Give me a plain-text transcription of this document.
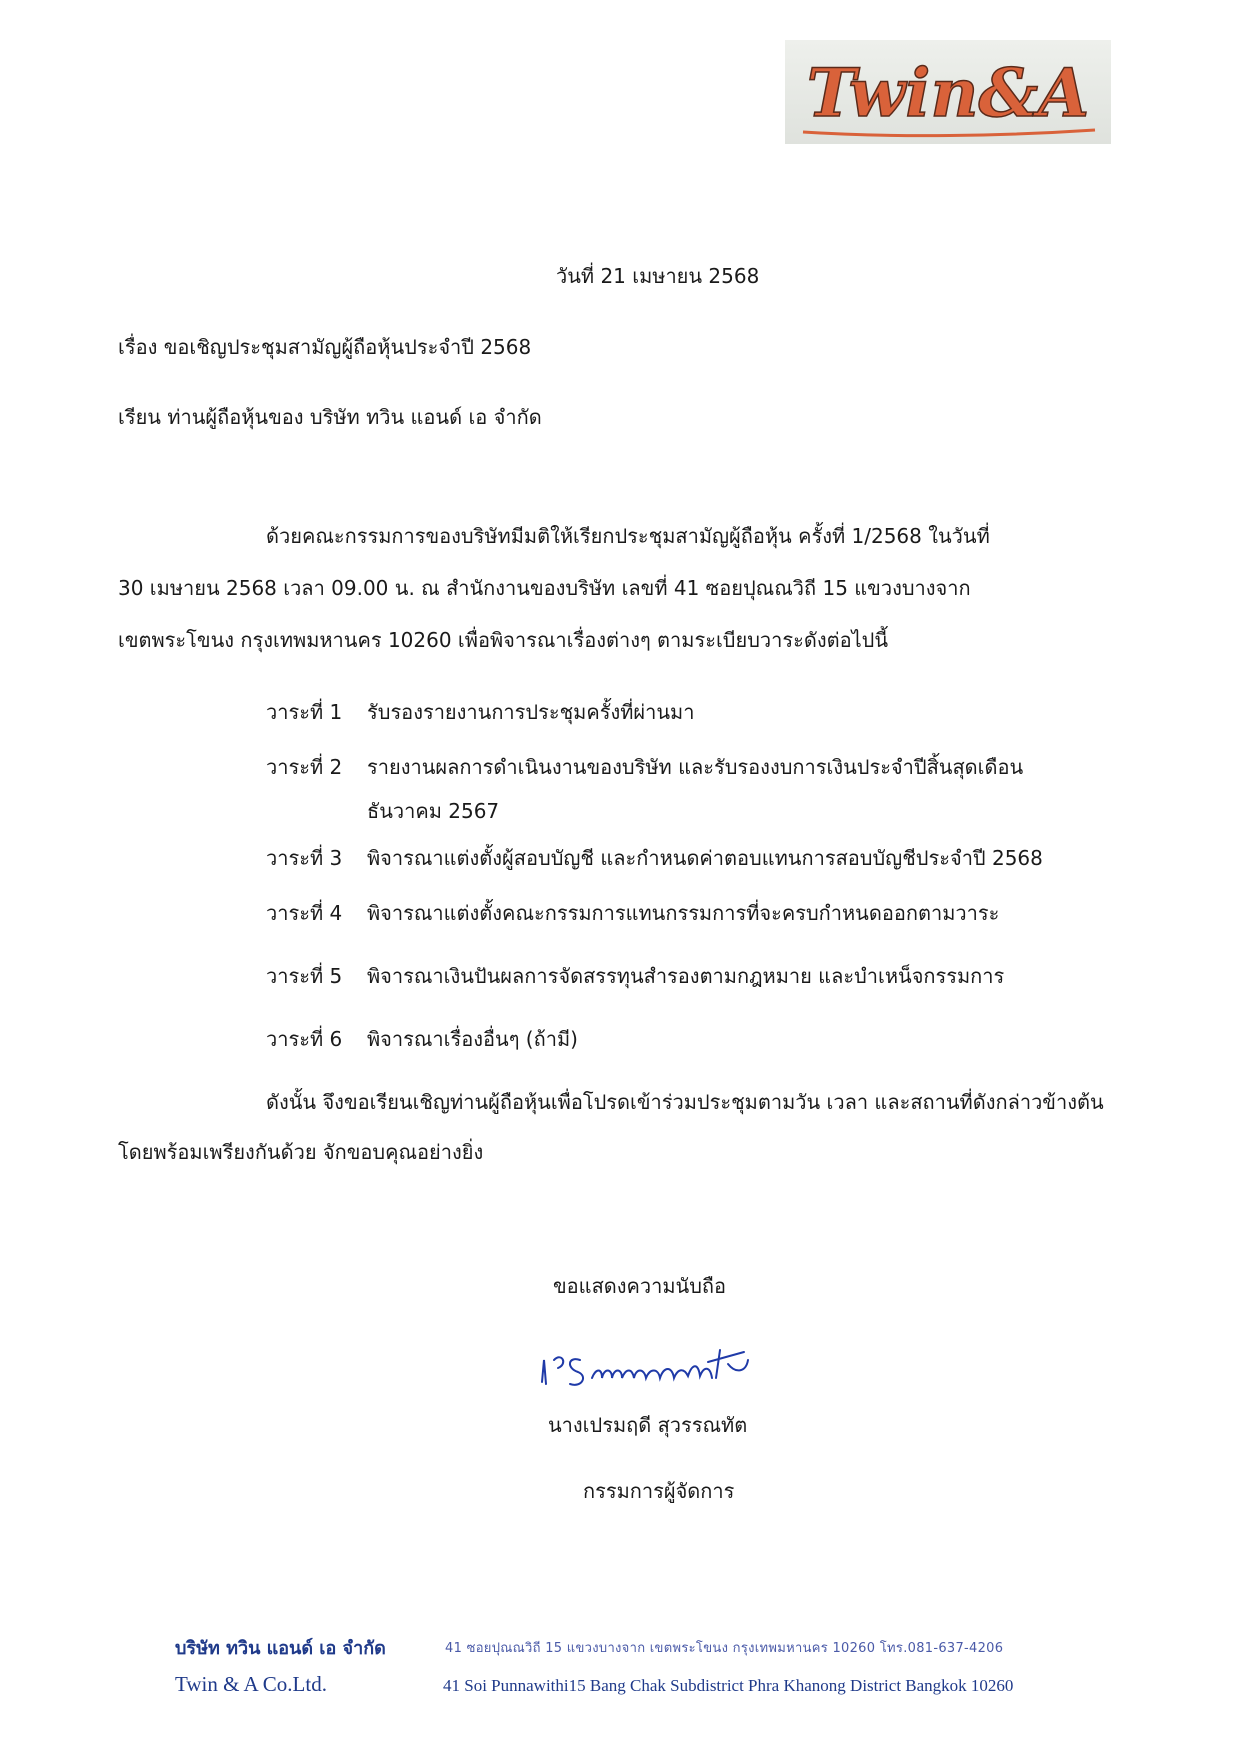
Twin&A
วันที่ 21 เมษายน 2568
เรื่อง ขอเชิญประชุมสามัญผู้ถือหุ้นประจำปี 2568
เรียน ท่านผู้ถือหุ้นของ บริษัท ทวิน แอนด์ เอ จำกัด
ด้วยคณะกรรมการของบริษัทมีมติให้เรียกประชุมสามัญผู้ถือหุ้น ครั้งที่ 1/2568 ในวันที่
30 เมษายน 2568 เวลา 09.00 น. ณ สำนักงานของบริษัท เลขที่ 41 ซอยปุณณวิถี 15 แขวงบางจาก
เขตพระโขนง กรุงเทพมหานคร 10260 เพื่อพิจารณาเรื่องต่างๆ ตามระเบียบวาระดังต่อไปนี้
วาระที่ 1 รับรองรายงานการประชุมครั้งที่ผ่านมา
วาระที่ 2 รายงานผลการดำเนินงานของบริษัท และรับรองงบการเงินประจำปีสิ้นสุดเดือน
ธันวาคม 2567
วาระที่ 3 พิจารณาแต่งตั้งผู้สอบบัญชี และกำหนดค่าตอบแทนการสอบบัญชีประจำปี 2568
วาระที่ 4 พิจารณาแต่งตั้งคณะกรรมการแทนกรรมการที่จะครบกำหนดออกตามวาระ
วาระที่ 5 พิจารณาเงินปันผลการจัดสรรทุนสำรองตามกฎหมาย และบำเหน็จกรรมการ
วาระที่ 6 พิจารณาเรื่องอื่นๆ (ถ้ามี)
ดังนั้น จึงขอเรียนเชิญท่านผู้ถือหุ้นเพื่อโปรดเข้าร่วมประชุมตามวัน เวลา และสถานที่ดังกล่าวข้างต้น
โดยพร้อมเพรียงกันด้วย จักขอบคุณอย่างยิ่ง
ขอแสดงความนับถือ
นางเปรมฤดี สุวรรณทัต
กรรมการผู้จัดการ
บริษัท ทวิน แอนด์ เอ จำกัด	41 ซอยปุณณวิถี 15 แขวงบางจาก เขตพระโขนง กรุงเทพมหานคร 10260 โทร.081-637-4206
Twin & A Co.Ltd.	41 Soi Punnawithi15 Bang Chak Subdistrict Phra Khanong District Bangkok 10260
